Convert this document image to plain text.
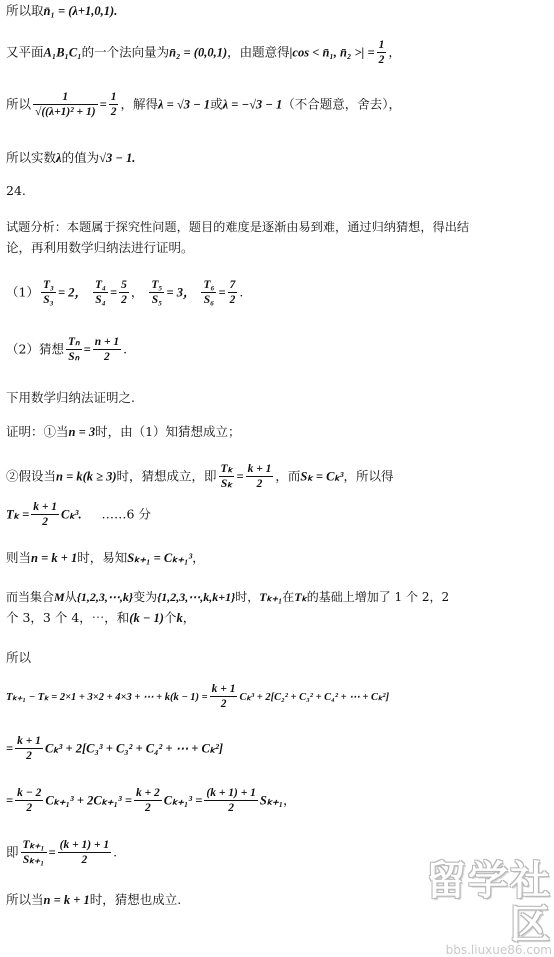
所以取n̄₁ = (λ+1,0,1).
又平面A₁B₁C₁的一个法向量为n̄₂ = (0,0,1)，由题意得|cos < n̄₁, n̄₂ >| = $\frac{1}{2}$ ，
所以 $\frac{1}{\text{√((λ+1)² + 1)}} = \frac{1}{2}$ ，解得λ = √3 − 1或λ = −√3 − 1（不合题意，舍去），
所以实数λ的值为√3 − 1.
24.
试题分析：本题属于探究性问题，题目的难度是逐渐由易到难，通过归纳猜想，得出结
论，再利用数学归纳法进行证明。
$(1) \frac{\text{T₃}}{\text{S₃}} = 2$， $\frac{\text{T₄}}{\text{S₄}} = \frac{5}{2}$ ， $\frac{\text{T₅}}{\text{S₅}} = 3$， $\frac{\text{T₆}}{\text{S₆}} = \frac{7}{2}$ .
（2）猜想 $\frac{\text{Tₙ}}{\text{Sₙ}} = \frac{n + 1}{2}$ .
下用数学归纳法证明之.
证明：①当n = 3时，由（1）知猜想成立；
②假设当n = k(k ≥ 3)时，猜想成立，即 $\frac{\text{Tₖ}}{\text{Sₖ}} = \frac{k + 1}{2}$ ，而Sₖ = Cₖ³，所以得
$T_k = \frac{k + 1}{2} C_k^3$. ……6 分
则当n = k + 1时，易知Sₖ₊₁ = Cₖ₊₁³，
而当集合M从{1,2,3,⋯,k}变为{1,2,3,⋯,k,k+1}时，Tₖ₊₁在Tₖ的基础上增加了 1 个 2，2
个 3，3 个 4，⋯，和(k − 1)个k，
所以
Tₖ₊₁ − Tₖ = 2×1 + 3×2 + 4×3 + ⋯ + $k(k - 1) = \frac{k + 1}{2} C_k^3 + 2[C_2^2 + C_3^2 + C_4^2$ + ⋯ + Cₖ²]
= $\frac{k + 1}{2} C_k^3 + 2[C_3^3 + C_3^2 + C_4^2$ + ⋯ + Cₖ²]
= $\frac{k - 2}{2} C_{k+1}^3 + 2C_{k+1}^3 = \frac{k + 2}{2} C_{k+1}^3 = \frac{(k + 1) + 1}{2} S_{k+1}$，
即 $\frac{\text{Tₖ₊₁}}{\text{Sₖ₊₁}} = \frac{(k + 1) + 1}{2}$ .
所以当n = k + 1时，猜想也成立.	留学社区
bbs.liuxue86.com
